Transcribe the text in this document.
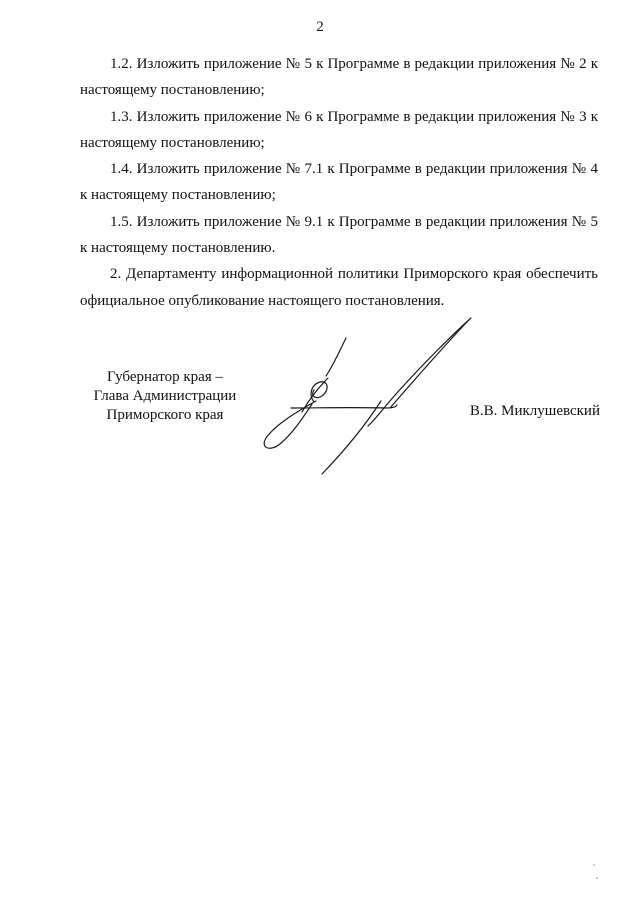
2

1.2. Изложить приложение № 5 к Программе в редакции приложения № 2 к настоящему постановлению;

1.3. Изложить приложение № 6 к Программе в редакции приложения № 3 к настоящему постановлению;

1.4. Изложить приложение № 7.1 к Программе в редакции приложения № 4 к настоящему постановлению;

1.5. Изложить приложение № 9.1 к Программе в редакции приложения № 5 к настоящему постановлению.

2. Департаменту информационной политики Приморского края обеспечить официальное опубликование настоящего постановления.

Губернатор края –
Глава Администрации
Приморского края	В.В. Миклушевский
